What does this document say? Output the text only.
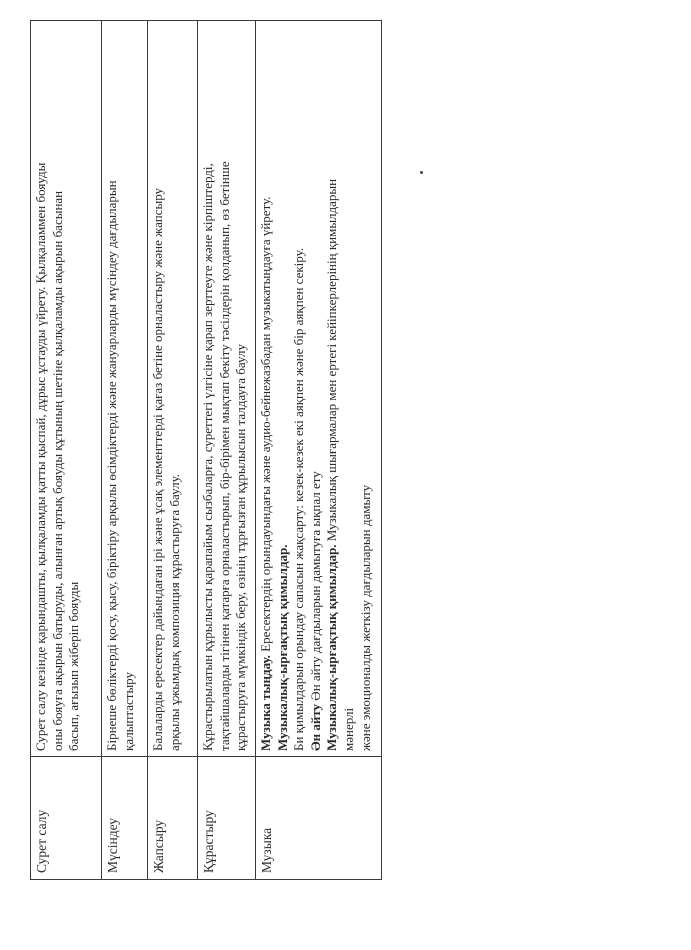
Сурет салу
Сурет салу кезінде қарындашты, қылқаламды қатты қыспай, дұрыс ұстауды үйрету. Қылқаламмен бояуды оны бояуға ақырын батыруды, алынған артық бояуды құтының шетіне қылқаламды ақырын басынан басып, ағызып жіберіп бояуды
Мүсіндеу
Бірнеше бөліктерді қосу, қысу, біріктіру арқылы өсімдіктерді және жануарларды мүсіндеу дағдыларын қалыптастыру
Жапсыру
Балаларды ересектер дайындаған ірі және ұсақ элементтерді қағаз бетіне орналастыру және жапсыру арқылы ұжымдық композиция құрастыруға баулу.
Құрастыру
Құрастырылатын құрылысты қарапайым сызбаларға, суреттегі үлгісіне қарап зерттеуге және кірпіштерді, тақтайшаларды тігінен қатарға орналастырып, бір-бірімен мықтап бекіту тәсілдерін қолданып, өз бетінше құрастыруға мүмкіндік беру, өзінің тұрғызған құрылысын талдауға баулу
Музыка
Музыка тыңдау. Ересектердің орындауындағы және аудио-бейнежазбадан музыкатыңдауға үйрету. Музыкалық-ырғақтық қимылдар. Би қимылдарын орындау сапасын жақсарту: кезек-кезек екі аяқпен және бір аяқпен секіру. Ән айту Ән айту дағдыларын дамытуға ықпал ету Музыкалық-ырғақтық қимылдар. Музыкалық шығармалар мен ертегі кейіпкерлерінің қимылдарын
мәнерлі және эмоционалды жеткізу дағдыларын дамыту
